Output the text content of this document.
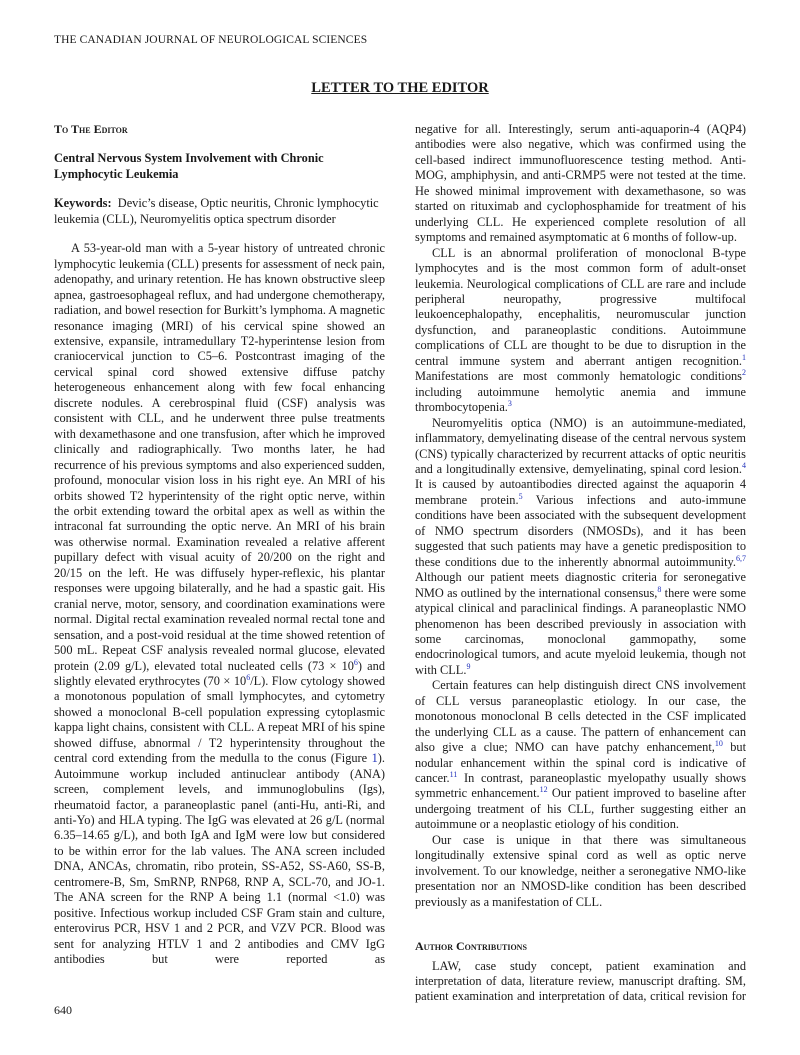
THE CANADIAN JOURNAL OF NEUROLOGICAL SCIENCES
LETTER TO THE EDITOR
To The Editor
Central Nervous System Involvement with Chronic Lymphocytic Leukemia
Keywords: Devic’s disease, Optic neuritis, Chronic lymphocytic leukemia (CLL), Neuromyelitis optica spectrum disorder

A 53-year-old man with a 5-year history of untreated chronic lymphocytic leukemia (CLL) presents for assessment of neck pain, adenopathy, and urinary retention. He has known obstructive sleep apnea, gastroesophageal reflux, and had undergone chemotherapy, radiation, and bowel resection for Burkitt’s lymphoma. A magnetic resonance imaging (MRI) of his cervical spine showed an extensive, expansile, intramedullary T2-hyperintense lesion from craniocervical junction to C5–6. Postcontrast imaging of the cervical spinal cord showed extensive diffuse patchy heterogeneous enhancement along with few focal enhancing discrete nodules. A cerebrospinal fluid (CSF) analysis was consistent with CLL, and he underwent three pulse treatments with dexamethasone and one transfusion, after which he improved clinically and radiographically. Two months later, he had recurrence of his previous symptoms and also experienced sudden, profound, monocular vision loss in his right eye. An MRI of his orbits showed T2 hyperintensity of the right optic nerve, within the orbit extending toward the orbital apex as well as within the intraconal fat surrounding the optic nerve. An MRI of his brain was otherwise normal. Examination revealed a relative afferent pupillary defect with visual acuity of 20/200 on the right and 20/15 on the left. He was diffusely hyper-reflexic, his plantar responses were upgoing bilaterally, and he had a spastic gait. His cranial nerve, motor, sensory, and coordination examinations were normal. Digital rectal examination revealed normal rectal tone and sensation, and a post-void residual at the time showed retention of 500 mL. Repeat CSF analysis revealed normal glucose, elevated protein (2.09 g/L), elevated total nucleated cells $(73 \times 10^6)$ and slightly elevated erythrocytes $(70 \times 10^6/L)$. Flow cytology showed a monotonous population of small lymphocytes, and cytometry showed a monoclonal B-cell population expressing cytoplasmic kappa light chains, consistent with CLL. A repeat MRI of his spine showed diffuse, abnormal / T2 hyperintensity throughout the central cord extending from the medulla to the conus (Figure 1). Autoimmune workup included antinuclear antibody (ANA) screen, complement levels, and immunoglobulins (Igs), rheumatoid factor, a paraneoplastic panel (anti-Hu, anti-Ri, and anti-Yo) and HLA typing. The IgG was elevated at 26 g/L (normal 6.35–14.65 g/L), and both IgA and IgM were low but considered to be within error for the lab values. The ANA screen included DNA, ANCAs, chromatin, ribo protein, SS-A52, SS-A60, SS-B, centromere-B, Sm, SmRNP, RNP68, RNP A, SCL-70, and JO-1. The ANA screen for the RNP A being 1.1 (normal <1.0) was positive. Infectious workup included CSF Gram stain and culture, enterovirus PCR, HSV 1 and 2 PCR, and VZV PCR. Blood was sent for analyzing HTLV 1 and 2 antibodies and CMV IgG antibodies but were reported as

negative for all. Interestingly, serum anti-aquaporin-4 (AQP4) antibodies were also negative, which was confirmed using the cell-based indirect immunofluorescence testing method. Anti-MOG, amphiphysin, and anti-CRMP5 were not tested at the time. He showed minimal improvement with dexamethasone, so was started on rituximab and cyclophosphamide for treatment of his underlying CLL. He experienced complete resolution of all symptoms and remained asymptomatic at 6 months of follow-up.

CLL is an abnormal proliferation of monoclonal B-type lymphocytes and is the most common form of adult-onset leukemia. Neurological complications of CLL are rare and include peripheral neuropathy, progressive multifocal leukoencephalopathy, encephalitis, neuromuscular junction dysfunction, and paraneoplastic conditions. Autoimmune complications of CLL are thought to be due to disruption in the central immune system and aberrant antigen recognition.$^1$ Manifestations are most commonly hematologic conditions$^2$ including autoimmune hemolytic anemia and immune thrombocytopenia.$^3$

Neuromyelitis optica (NMO) is an autoimmune-mediated, inflammatory, demyelinating disease of the central nervous system (CNS) typically characterized by recurrent attacks of optic neuritis and a longitudinally extensive, demyelinating, spinal cord lesion.$^4$ It is caused by autoantibodies directed against the aquaporin 4 membrane protein.$^5$ Various infections and auto-immune conditions have been associated with the subsequent development of NMO spectrum disorders (NMOSDs), and it has been suggested that such patients may have a genetic predisposition to these conditions due to the inherently abnormal autoimmunity.$^{6,7}$ Although our patient meets diagnostic criteria for seronegative NMO as outlined by the international consensus,$^8$ there were some atypical clinical and paraclinical findings. A paraneoplastic NMO phenomenon has been described previously in association with some carcinomas, monoclonal gammopathy, some endocrinological tumors, and acute myeloid leukemia, though not with CLL.$^9$

Certain features can help distinguish direct CNS involvement of CLL versus paraneoplastic etiology. In our case, the monotonous monoclonal B cells detected in the CSF implicated the underlying CLL as a cause. The pattern of enhancement can also give a clue; NMO can have patchy enhancement,$^{10}$ but nodular enhancement within the spinal cord is indicative of cancer.$^{11}$ In contrast, paraneoplastic myelopathy usually shows symmetric enhancement.$^{12}$ Our patient improved to baseline after undergoing treatment of his CLL, further suggesting either an autoimmune or a neoplastic etiology of his condition.

Our case is unique in that there was simultaneous longitudinally extensive spinal cord as well as optic nerve involvement. To our knowledge, neither a seronegative NMO-like presentation nor an NMOSD-like condition has been described previously as a manifestation of CLL.

Author Contributions

LAW, case study concept, patient examination and interpretation of data, literature review, manuscript drafting. SM, patient examination and interpretation of data, critical revision for

640
